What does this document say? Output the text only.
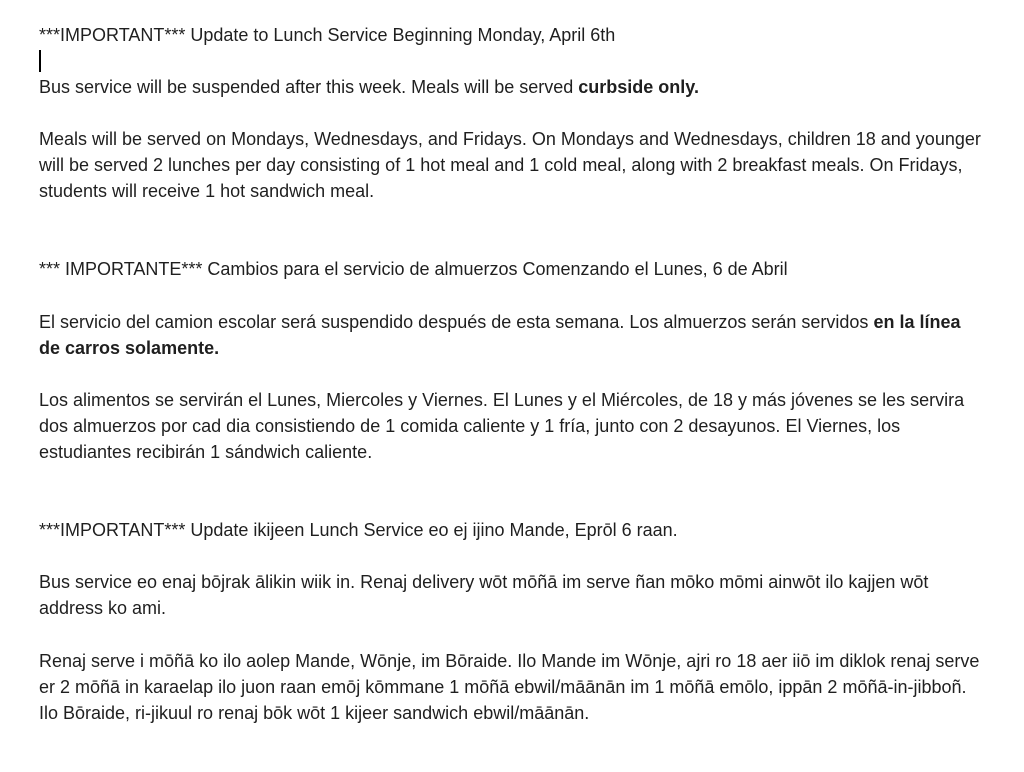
***IMPORTANT*** Update to Lunch Service Beginning Monday, April 6th

Bus service will be suspended after this week. Meals will be served curbside only.

Meals will be served on Mondays, Wednesdays, and Fridays. On Mondays and Wednesdays, children 18 and younger will be served 2 lunches per day consisting of 1 hot meal and 1 cold meal, along with 2 breakfast meals. On Fridays, students will receive 1 hot sandwich meal.

*** IMPORTANTE*** Cambios para el servicio de almuerzos Comenzando el Lunes, 6 de Abril

El servicio del camion escolar será suspendido después de esta semana. Los almuerzos serán servidos en la línea de carros solamente.

Los alimentos se servirán el Lunes, Miercoles y Viernes. El Lunes y el Miércoles, de 18 y más jóvenes se les servira dos almuerzos por cad dia consistiendo de 1 comida caliente y 1 fría, junto con 2 desayunos. El Viernes, los estudiantes recibirán 1 sándwich caliente.

***IMPORTANT*** Update ikijeen Lunch Service eo ej ijino Mande, Eprōl 6 raan.

Bus service eo enaj bōjrak ālikin wiik in. Renaj delivery wōt mōñā im serve ñan mōko mōmi ainwōt ilo kajjen wōt address ko ami.

Renaj serve i mōñā ko ilo aolep Mande, Wōnje, im Bōraide. Ilo Mande im Wōnje, ajri ro 18 aer iiō im diklok renaj serve er 2 mōñā in karaelap ilo juon raan emōj kōmmane 1 mōñā ebwil/māānān im 1 mōñā emōlo, ippān 2 mōñā-in-jibboñ. Ilo Bōraide, ri-jikuul ro renaj bōk wōt 1 kijeer sandwich ebwil/māānān.
